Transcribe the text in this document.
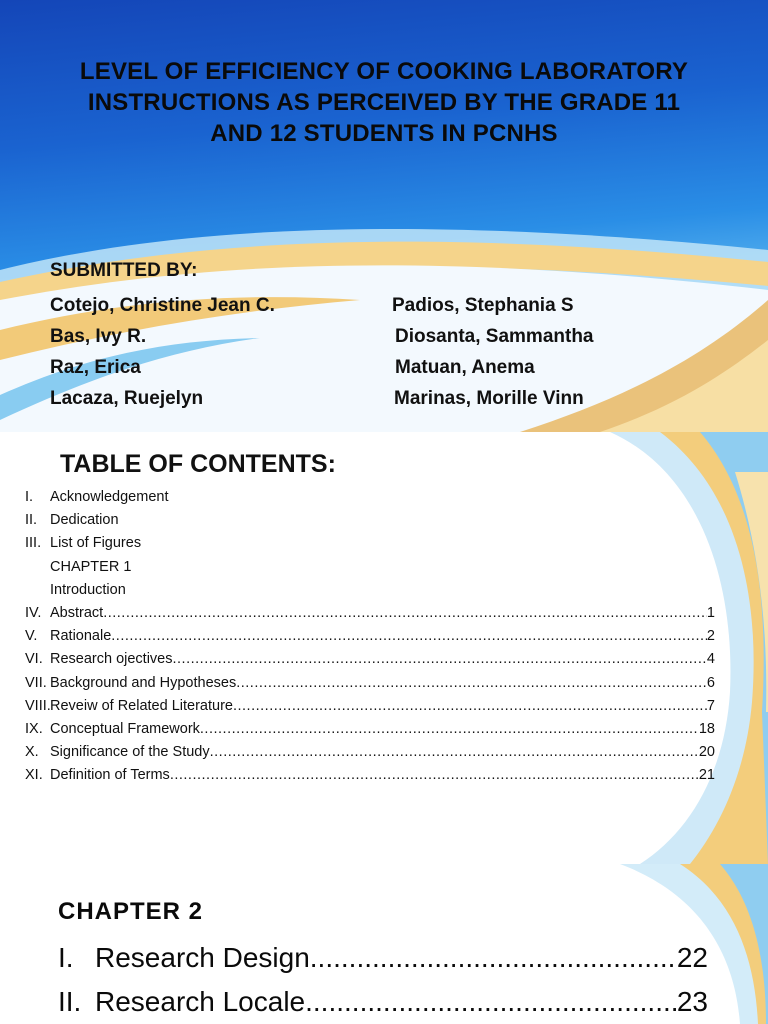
LEVEL OF EFFICIENCY OF COOKING LABORATORY
INSTRUCTIONS AS PERCEIVED BY THE GRADE 11
AND 12 STUDENTS IN PCNHS
SUBMITTED BY:
Cotejo, Christine Jean C.
Bas, Ivy R.
Raz, Erica
Lacaza, Ruejelyn
Padios, Stephania S
Diosanta, Sammantha
Matuan, Anema
Marinas, Morille Vinn
TABLE OF CONTENTS:
I.	Acknowledgement
II. Dedication
III. List of Figures
CHAPTER 1
Introduction
IV. Abstract .....	1
V. Rationale .....	2
VI. Research ojectives .....	4
VII. Background and Hypotheses .....	6
VIII. Reveiw of Related Literature .....	7
IX. Conceptual Framework .....	18
X. Significance of the Study .....	20
XI. Definition of Terms .....	21
CHAPTER 2
I. Research Design .....	22
II. Research Locale .....	23
